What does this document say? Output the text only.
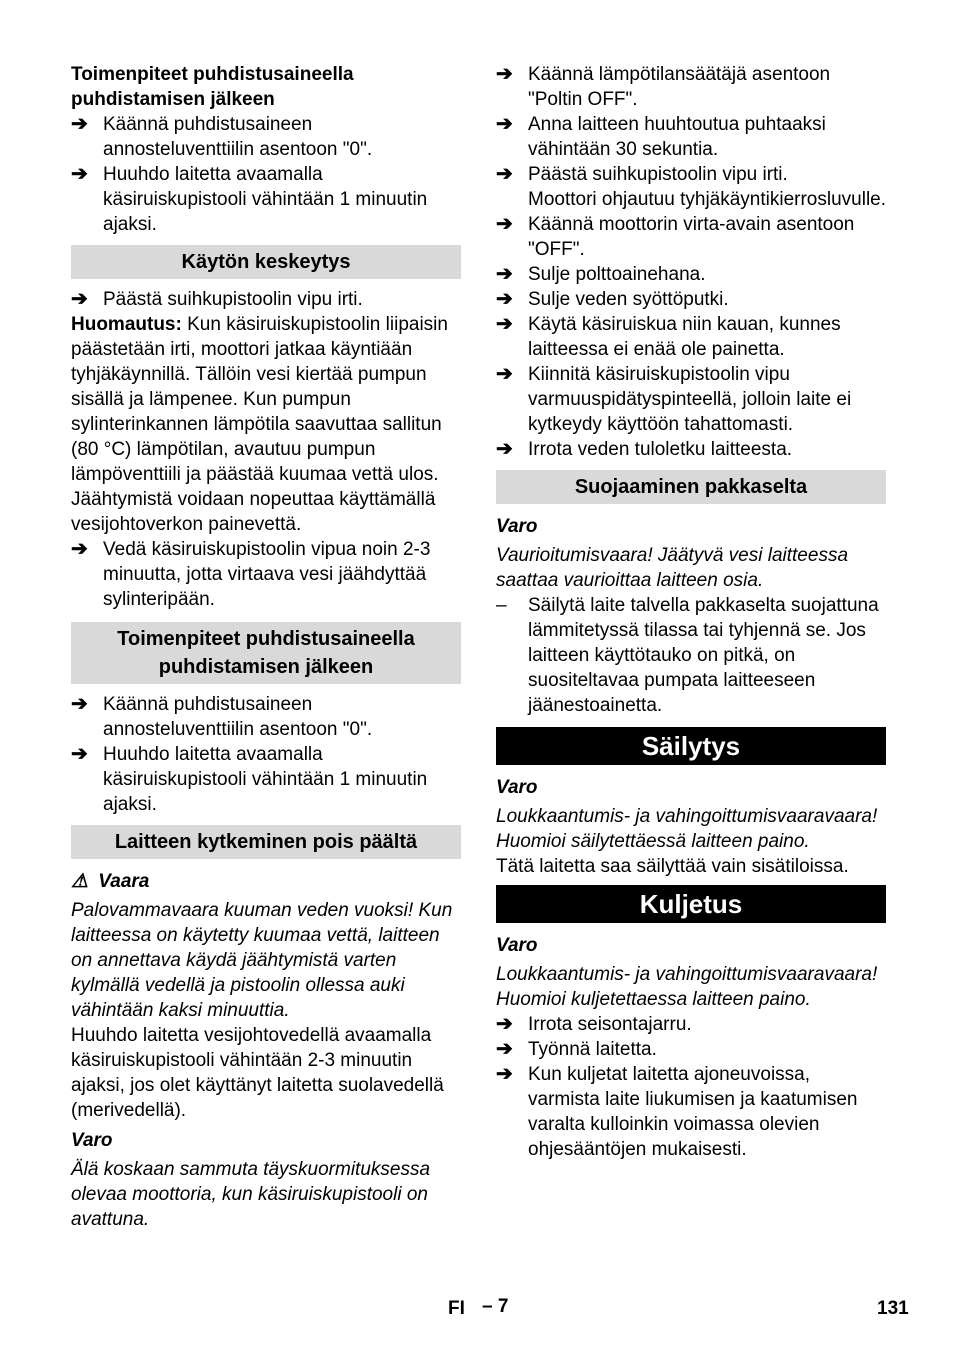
Toimenpiteet puhdistusaineella puhdistamisen jälkeen

➔ Käännä puhdistusaineen annosteluventtiilin asentoon "0".
➔ Huuhdo laitetta avaamalla käsiruiskupistooli vähintään 1 minuutin ajaksi.
Käytön keskeytys
➔ Päästä suihkupistoolin vipu irti.

Huomautus: Kun käsiruiskupistoolin liipaisin päästetään irti, moottori jatkaa käyntiään tyhjäkäynnillä. Tällöin vesi kiertää pumpun sisällä ja lämpenee. Kun pumpun sylinterinkannen lämpötila saavuttaa sallitun (80 °C) lämpötilan, avautuu pumpun lämpöventtiili ja päästää kuumaa vettä ulos.

Jäähtymistä voidaan nopeuttaa käyttämällä vesijohtoverkon painevettä.

➔ Vedä käsiruiskupistoolin vipua noin 2-3 minuutta, jotta virtaava vesi jäähdyttää sylinteripään.
Toimenpiteet puhdistusaineella puhdistamisen jälkeen
➔ Käännä puhdistusaineen annosteluventtiilin asentoon "0".
➔ Huuhdo laitetta avaamalla käsiruiskupistooli vähintään 1 minuutin ajaksi.
Laitteen kytkeminen pois päältä

⚠ Vaara

Palovammavaara kuuman veden vuoksi! Kun laitteessa on käytetty kuumaa vettä, laitteen on annettava käydä jäähtymistä varten kylmällä vedellä ja pistoolin ollessa auki vähintään kaksi minuuttia.

Huuhdo laitetta vesijohtovedellä avaamalla käsiruiskupistooli vähintään 2-3 minuutin ajaksi, jos olet käyttänyt laitetta suolavedellä (merivedellä).

Varo

Älä koskaan sammuta täyskuormituksessa olevaa moottoria, kun käsiruiskupistooli on avattuna.

➔ Käännä lämpötilansäätäjä asentoon "Poltin OFF".
➔ Anna laitteen huuhtoutua puhtaaksi vähintään 30 sekuntia.
➔ Päästä suihkupistoolin vipu irti.

Moottori ohjautuu tyhjäkäyntikierrosluvulle.

➔ Käännä moottorin virta-avain asentoon "OFF".
➔ Sulje polttoainehana.
➔ Sulje veden syöttöputki.
➔ Käytä käsiruiskua niin kauan, kunnes laitteessa ei enää ole painetta.
➔ Kiinnitä käsiruiskupistoolin vipu varmuuspidätyspinteellä, jolloin laite ei kytkeydy käyttöön tahattomasti.
➔ Irrota veden tuloletku laitteesta.
Suojaaminen pakkaselta

Varo

Vaurioitumisvaara! Jäätyvä vesi laitteessa saattaa vaurioittaa laitteen osia.

–	Säilytä laite talvella pakkaselta suojattuna lämmitetyssä tilassa tai tyhjennä se. Jos laitteen käyttötauko on pitkä, on suositeltavaa pumpata laitteeseen jäänestoainetta.
Säilytys

Varo

Loukkaantumis- ja vahingoittumisvaaravaara! Huomioi säilytettäessä laitteen paino.

Tätä laitetta saa säilyttää vain sisätiloissa.

Kuljetus

Varo

Loukkaantumis- ja vahingoittumisvaaravaara! Huomioi kuljetettaessa laitteen paino.

➔ Irrota seisontajarru.
➔ Työnnä laitetta.
➔ Kun kuljetat laitetta ajoneuvoissa, varmista laite liukumisen ja kaatumisen varalta kulloinkin voimassa olevien ohjesääntöjen mukaisesti.
FI – 7	131
